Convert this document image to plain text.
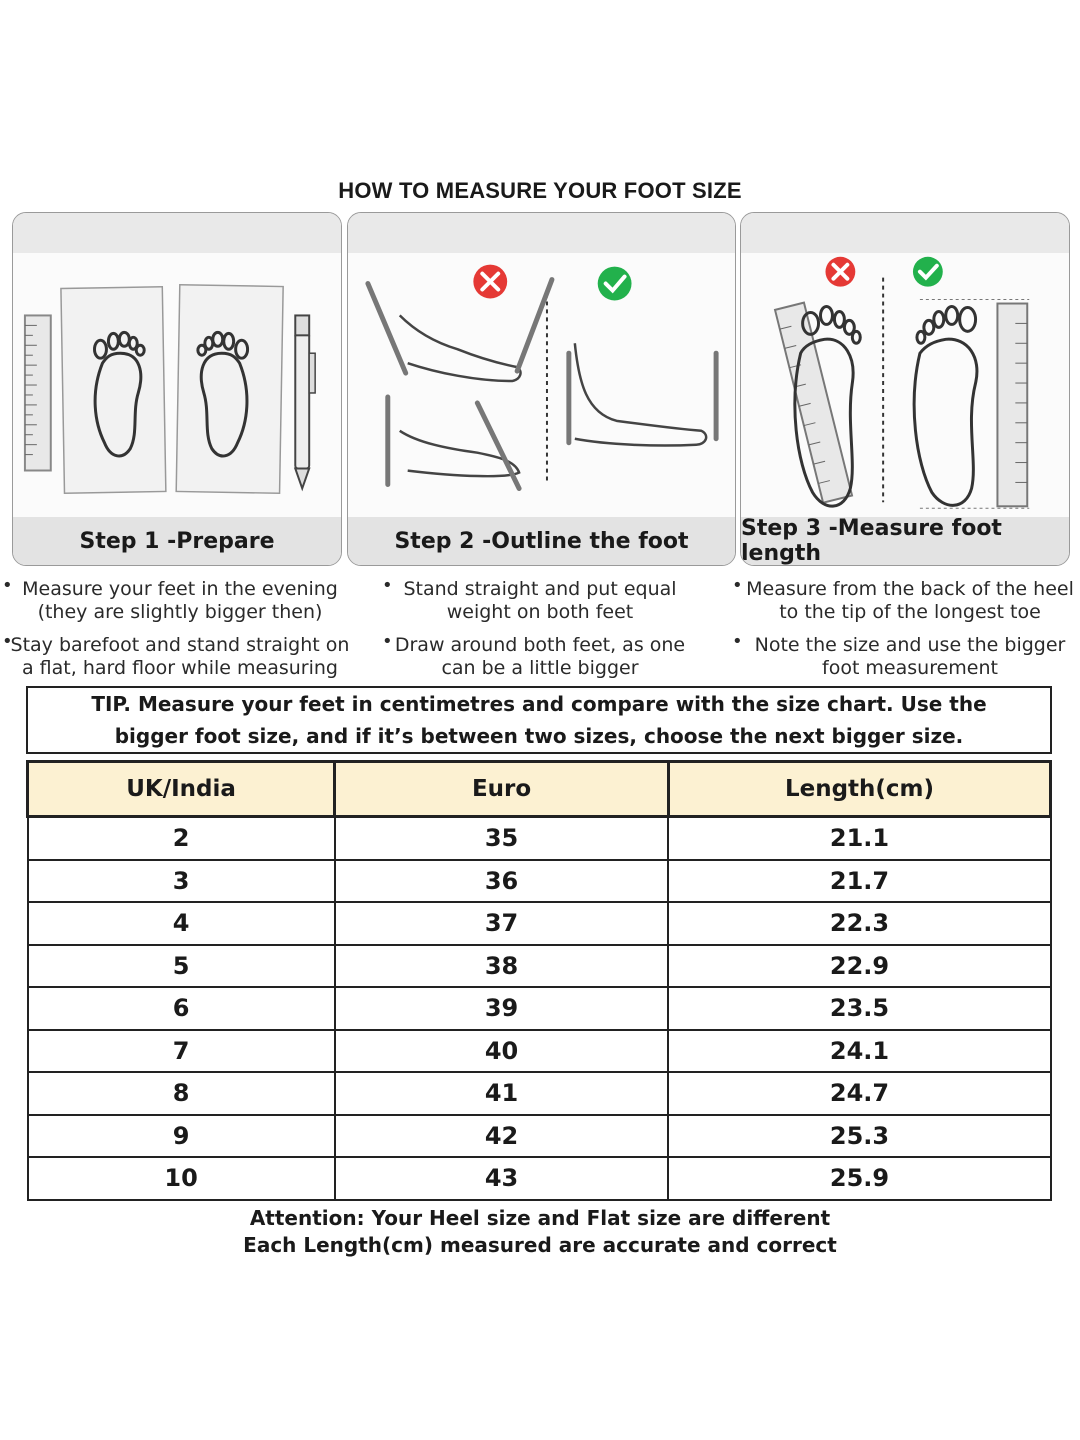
HOW TO MEASURE YOUR FOOT SIZE
Step 1 -Prepare	Step 2 -Outline the foot	Step 3 -Measure foot length
• Measure your feet in the evening (they are slightly bigger then)
•
Stay barefoot and stand straight on a flat, hard floor while measuring
• Stand straight and put equal weight on both feet
• Draw around both feet, as one can be a little bigger
• Measure from the back of the heel to the tip of the longest toe
• Note the size and use the bigger foot measurement
TIP. Measure your feet in centimetres and compare with the size chart. Use the bigger foot size, and if it’s between two sizes, choose the next bigger size.
UK/India	Euro	Length(cm)
2	35	21.1
3	36	21.7
4	37	22.3
5	38	22.9
6	39	23.5
7	40	24.1
8	41	24.7
9	42	25.3
10	43	25.9
Attention: Your Heel size and Flat size are different
Each Length(cm) measured are accurate and correct
